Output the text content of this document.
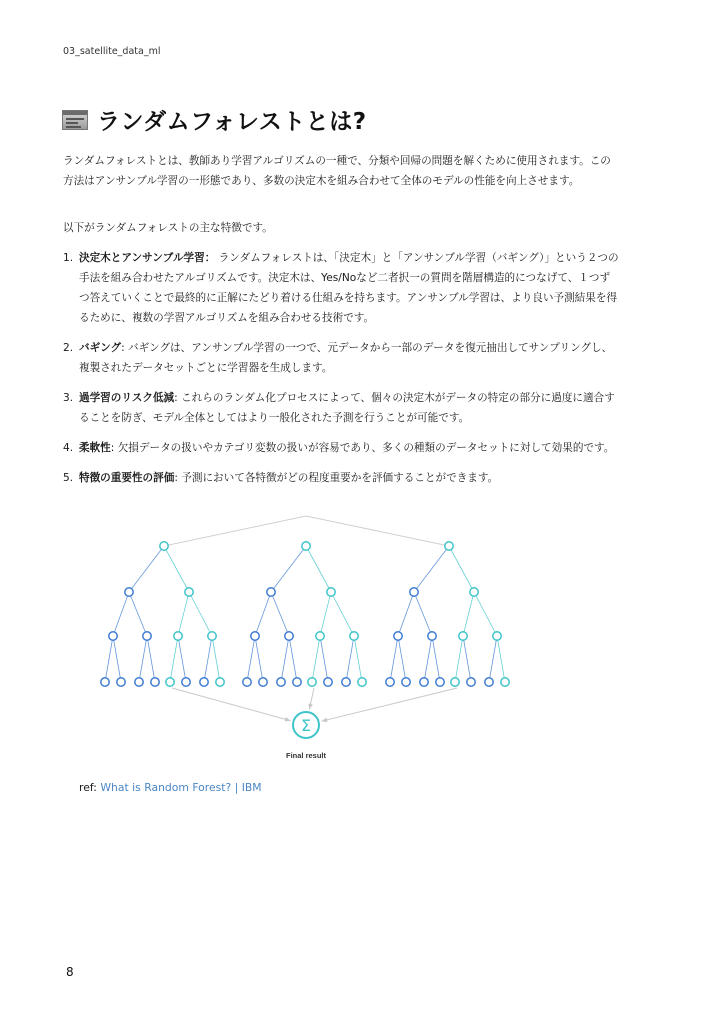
03_satellite_data_ml
ランダムフォレストとは?
ランダムフォレストとは、教師あり学習アルゴリズムの一種で、分類や回帰の問題を解くために使用されます。この方法はアンサンブル学習の一形態であり、多数の決定木を組み合わせて全体のモデルの性能を向上させます。
以下がランダムフォレストの主な特徴です。
1. 決定木とアンサンブル学習： ランダムフォレストは、「決定木」と「アンサンブル学習（バギング）」という２つの手法を組み合わせたアルゴリズムです。決定木は、Yes/Noなど二者択一の質問を階層構造的につなげて、１つずつ答えていくことで最終的に正解にたどり着ける仕組みを持ちます。アンサンブル学習は、より良い予測結果を得るために、複数の学習アルゴリズムを組み合わせる技術です。
2. バギング: バギングは、アンサンブル学習の一つで、元データから一部のデータを復元抽出してサンプリングし、複製されたデータセットごとに学習器を生成します。
3. 過学習のリスク低減: これらのランダム化プロセスによって、個々の決定木がデータの特定の部分に過度に適合することを防ぎ、モデル全体としてはより一般化された予測を行うことが可能です。
4. 柔軟性: 欠損データの扱いやカテゴリ変数の扱いが容易であり、多くの種類のデータセットに対して効果的です。
5. 特徴の重要性の評価: 予測において各特徴がどの程度重要かを評価することができます。
Σ
Final result
ref: What is Random Forest? | IBM
8
